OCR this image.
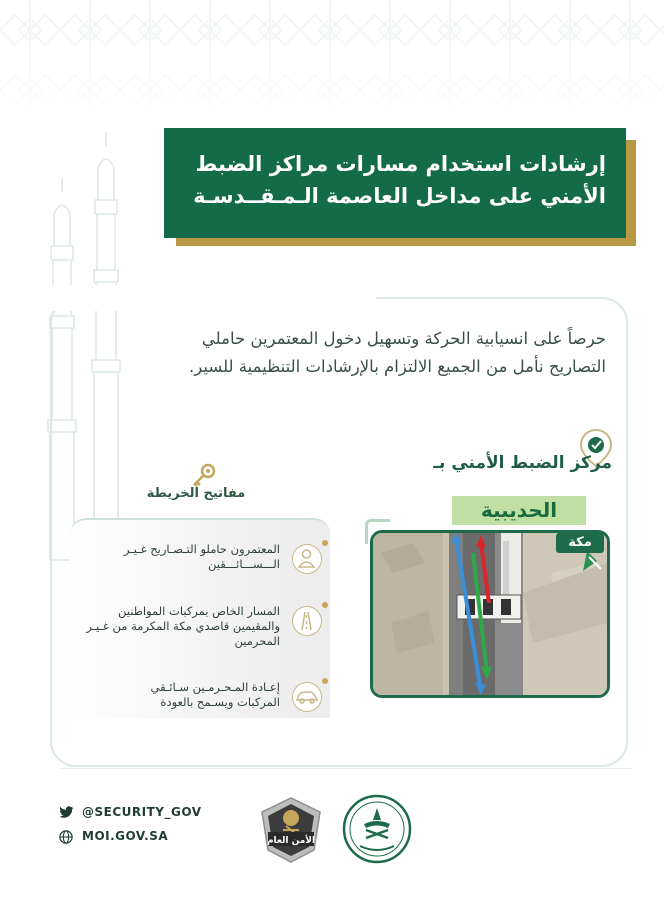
إرشادات استخدام مسارات مراكز الضبط
الأمني على مداخل العاصمة الـمـقــدسـة
حرصاً على انسيابية الحركة وتسهيل دخول المعتمرين حاملي
التصاريح نأمل من الجميع الالتزام بالإرشادات التنظيمية للسير.
مركز الضبط الأمني بـ
الحديبية
مكة
مفاتيح الخريطة
المعتمرون حاملو التـصـاريح غـيـر
الـــســـائـــقين
المسار الخاص بمركبات المواطنين
والمقيمين قاصدي مكة المكرمة من غـيـر
المحرمين
إعـادة المـحـرمـين سـائـقي
المركبات ويسـمح بالعودة
@SECURITY_GOV
MOI.GOV.SA	الأمن العام
